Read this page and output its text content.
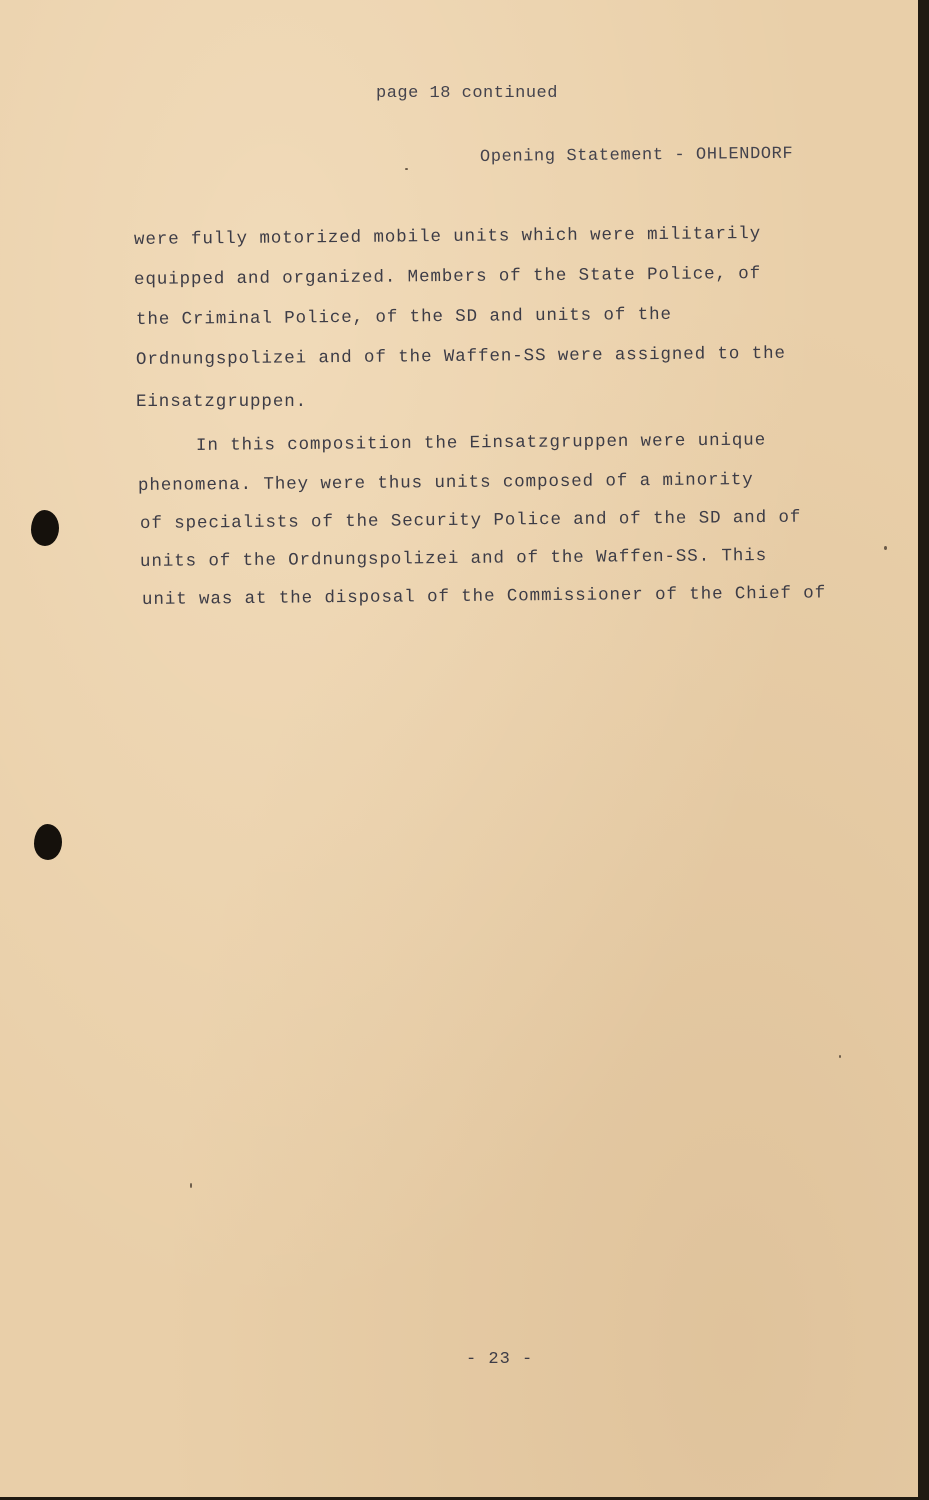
page 18 continued
Opening Statement - OHLENDORF
were fully motorized mobile units which were militarily
equipped and organized. Members of the State Police, of
the Criminal Police, of the SD and units of the
Ordnungspolizei and of the Waffen-SS were assigned to the
Einsatzgruppen.
In this composition the Einsatzgruppen were unique
phenomena. They were thus units composed of a minority
of specialists of the Security Police and of the SD and of
units of the Ordnungspolizei and of the Waffen-SS. This
unit was at the disposal of the Commissioner of the Chief of
- 23 -
